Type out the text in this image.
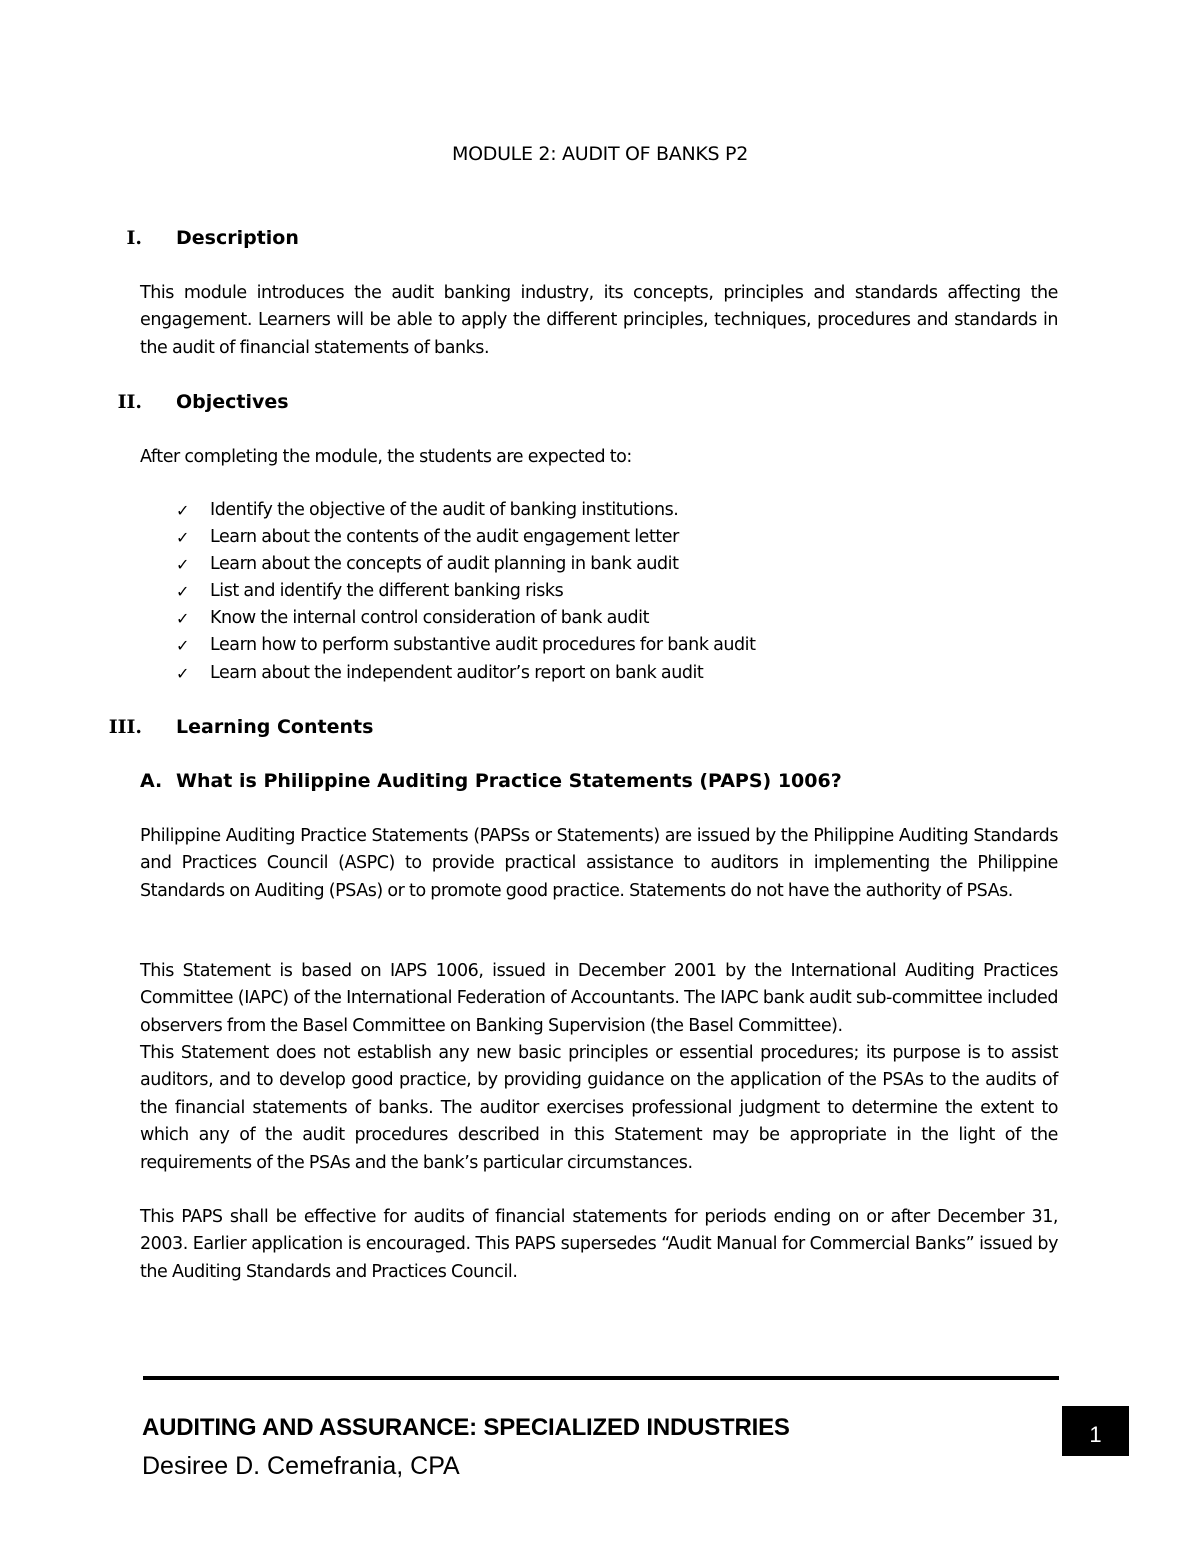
MODULE 2: AUDIT OF BANKS P2
I. Description
This module introduces the audit banking industry, its concepts, principles and standards affecting the engagement. Learners will be able to apply the different principles, techniques, procedures and standards in the audit of financial statements of banks.
II. Objectives
After completing the module, the students are expected to:
✓ Identify the objective of the audit of banking institutions.
✓ Learn about the contents of the audit engagement letter
✓ Learn about the concepts of audit planning in bank audit
✓ List and identify the different banking risks
✓ Know the internal control consideration of bank audit
✓ Learn how to perform substantive audit procedures for bank audit
✓ Learn about the independent auditor’s report on bank audit
III. Learning Contents
A. What is Philippine Auditing Practice Statements (PAPS) 1006?
Philippine Auditing Practice Statements (PAPSs or Statements) are issued by the Philippine Auditing Standards and Practices Council (ASPC) to provide practical assistance to auditors in implementing the Philippine Standards on Auditing (PSAs) or to promote good practice. Statements do not have the authority of PSAs.
This Statement is based on IAPS 1006, issued in December 2001 by the International Auditing Practices Committee (IAPC) of the International Federation of Accountants. The IAPC bank audit sub-committee included observers from the Basel Committee on Banking Supervision (the Basel Committee).
This Statement does not establish any new basic principles or essential procedures; its purpose is to assist auditors, and to develop good practice, by providing guidance on the application of the PSAs to the audits of the financial statements of banks. The auditor exercises professional judgment to determine the extent to which any of the audit procedures described in this Statement may be appropriate in the light of the requirements of the PSAs and the bank’s particular circumstances.
This PAPS shall be effective for audits of financial statements for periods ending on or after December 31, 2003. Earlier application is encouraged. This PAPS supersedes “Audit Manual for Commercial Banks” issued by the Auditing Standards and Practices Council.
AUDITING AND ASSURANCE: SPECIALIZED INDUSTRIES
Desiree D. Cemefrania, CPA
1
